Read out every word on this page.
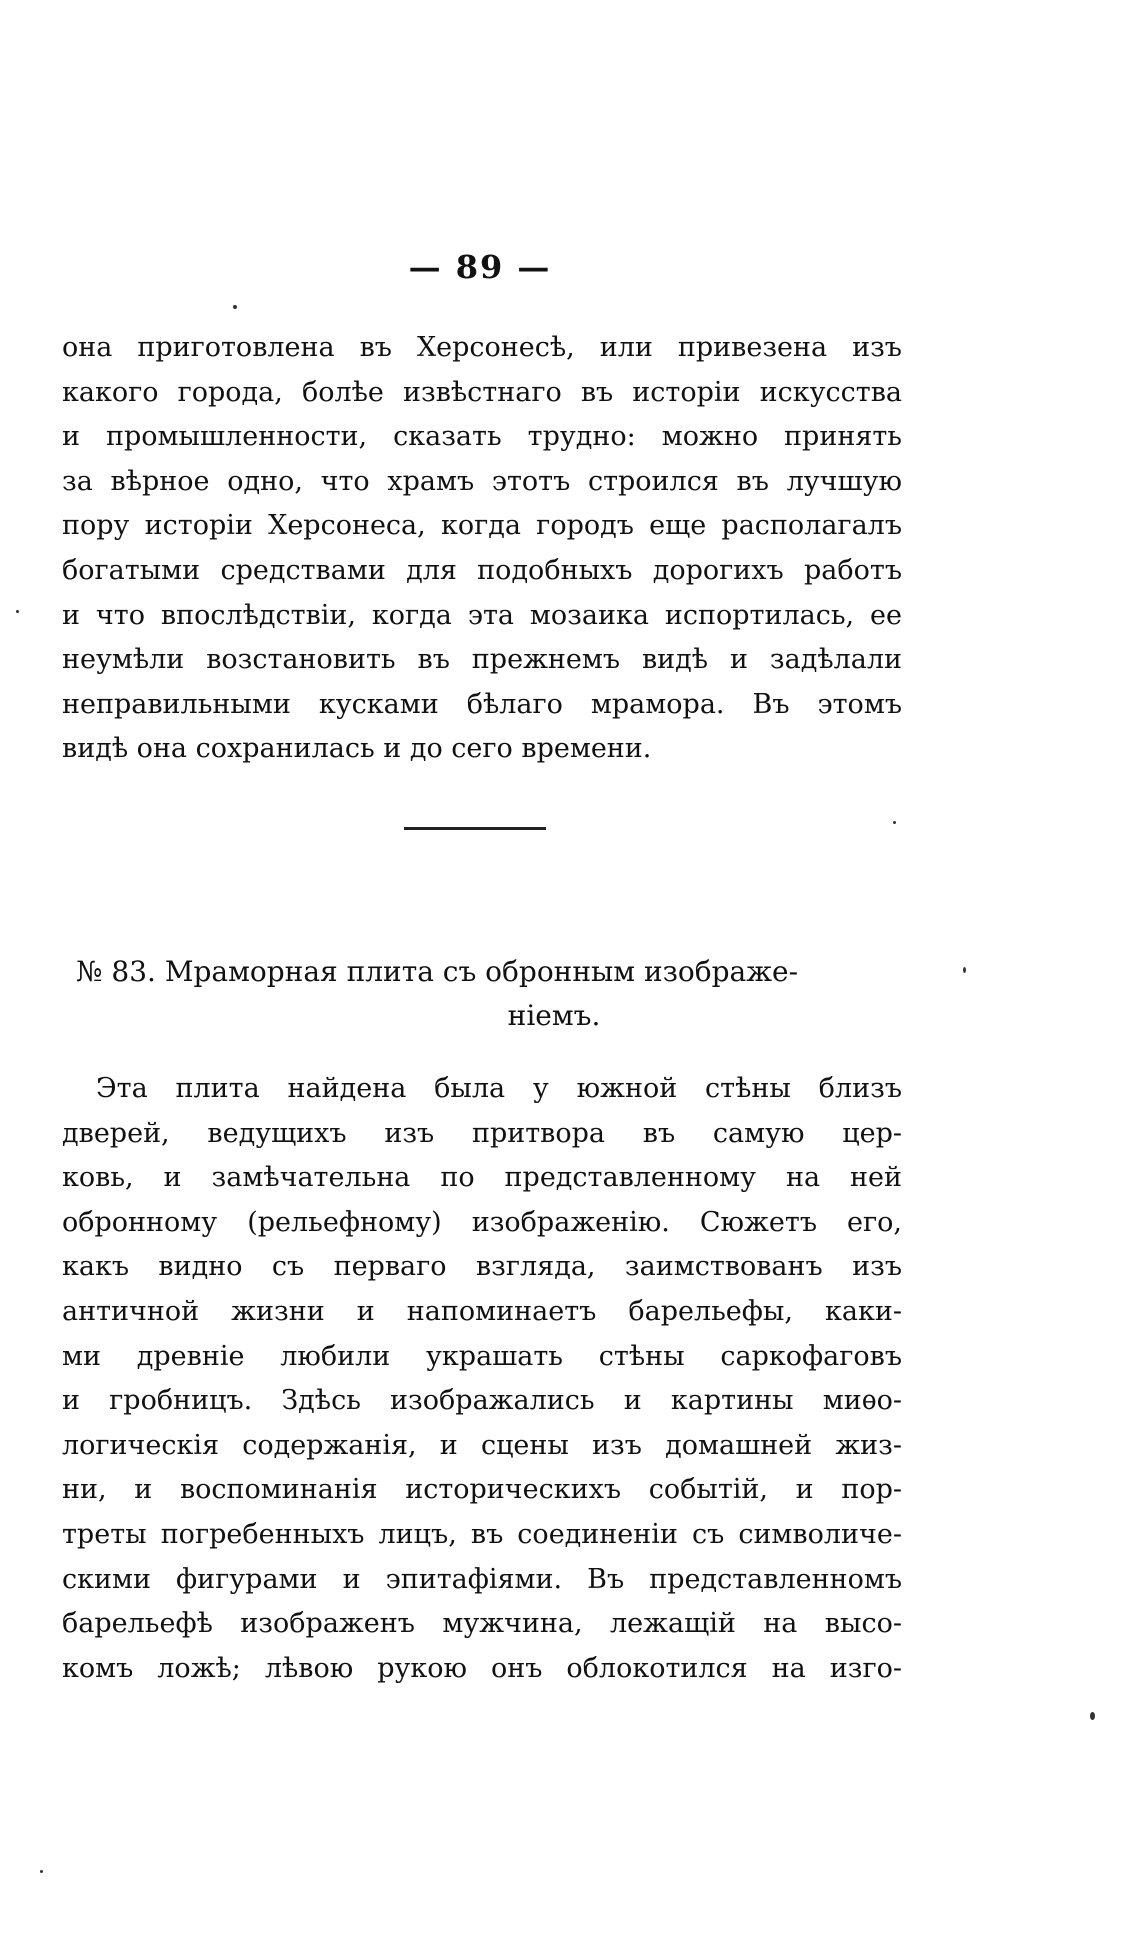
— 89 —
она приготовлена въ Херсонесѣ, или привезена изъ
какого города, болѣе извѣстнаго въ исторіи искусства
и промышленности, сказать трудно: можно принять
за вѣрное одно, что храмъ этотъ строился въ лучшую
пору исторіи Херсонеса, когда городъ еще располагалъ
богатыми средствами для подобныхъ дорогихъ работъ
и что впослѣдствіи, когда эта мозаика испортилась, ее
неумѣли возстановить въ прежнемъ видѣ и задѣлали
неправильными кусками бѣлаго мрамора. Въ этомъ
видѣ она сохранилась и до сего времени.
№ 83. Мраморная плита съ обронным изображе-
ніемъ.
Эта плита найдена была у южной стѣны близъ
дверей, ведущихъ изъ притвора въ самую цер-
ковь, и замѣчательна по представленному на ней
обронному (рельефному) изображенію. Сюжетъ его,
какъ видно съ перваго взгляда, заимствованъ изъ
античной жизни и напоминаетъ барельефы, каки-
ми древніе любили украшать стѣны саркофаговъ
и гробницъ. Здѣсь изображались и картины миѳо-
логическія содержанія, и сцены изъ домашней жиз-
ни, и воспоминанія историческихъ событій, и пор-
треты погребенныхъ лицъ, въ соединеніи съ символиче-
скими фигурами и эпитафіями. Въ представленномъ
барельефѣ изображенъ мужчина, лежащій на высо-
комъ ложѣ; лѣвою рукою онъ облокотился на изго-
